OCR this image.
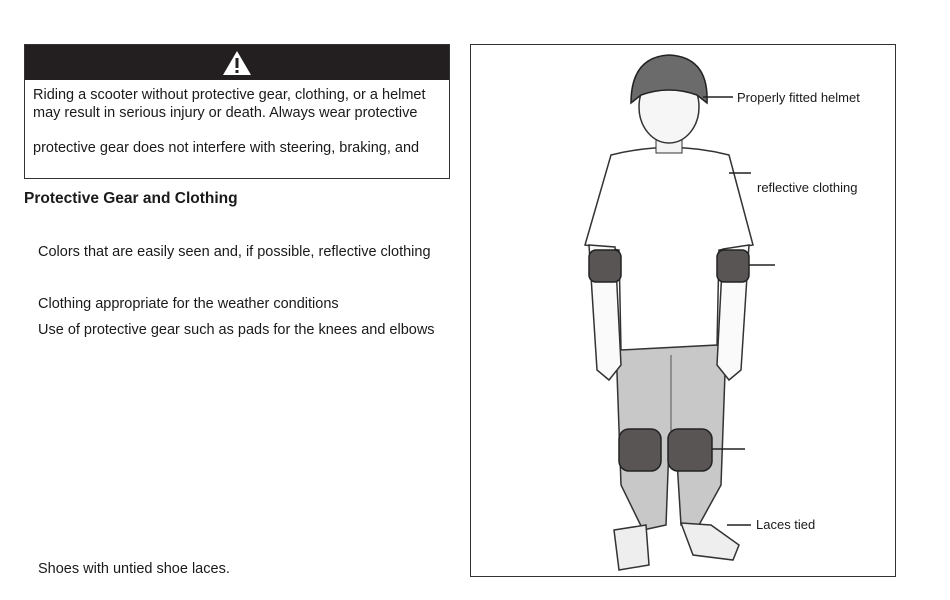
Riding a scooter without protective gear, clothing, or a helmet
may result in serious injury or death. Always wear protective
protective gear does not interfere with steering, braking, and
Protective Gear and Clothing
Colors that are easily seen and, if possible, reflective clothing
Clothing appropriate for the weather conditions
Use of protective gear such as pads for the knees and elbows
Shoes with untied shoe laces.
Properly fitted helmet
reflective clothing
Laces tied
